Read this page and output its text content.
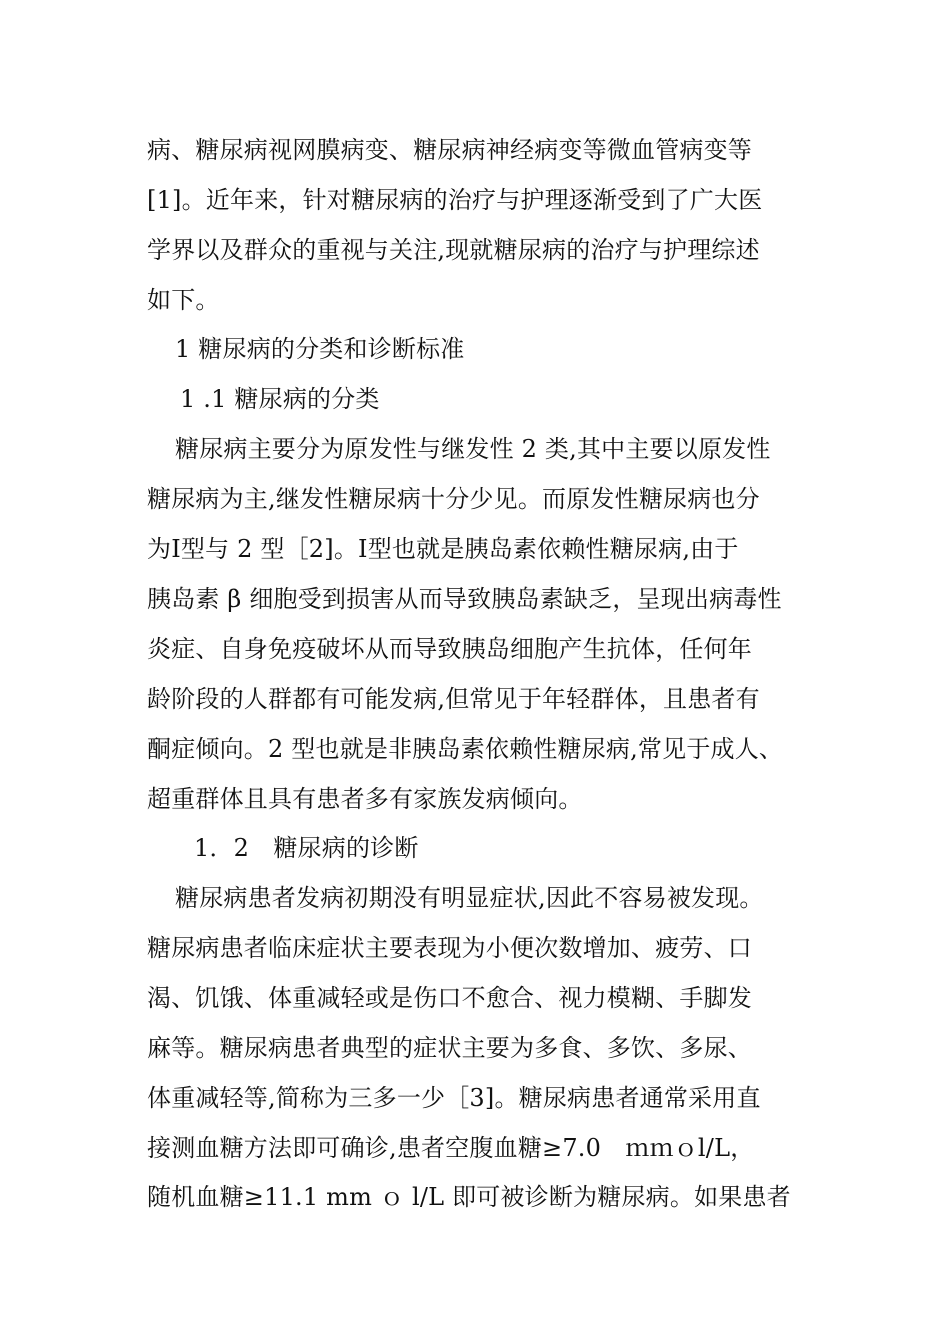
病、糖尿病视网膜病变、糖尿病神经病变等微血管病变等
[1]。近年来，针对糖尿病的治疗与护理逐渐受到了广大医
学界以及群众的重视与关注,现就糖尿病的治疗与护理综述
如下。
1 糖尿病的分类和诊断标准
1 .1 糖尿病的分类
糖尿病主要分为原发性与继发性 2 类,其中主要以原发性
糖尿病为主,继发性糖尿病十分少见。而原发性糖尿病也分
为Ⅰ型与 2 型［2]。Ⅰ型也就是胰岛素依赖性糖尿病,由于
胰岛素 β 细胞受到损害从而导致胰岛素缺乏，呈现出病毒性
炎症、自身免疫破坏从而导致胰岛细胞产生抗体，任何年
龄阶段的人群都有可能发病,但常见于年轻群体，且患者有
酮症倾向。2 型也就是非胰岛素依赖性糖尿病,常见于成人、
超重群体且具有患者多有家族发病倾向。
1．2　糖尿病的诊断
糖尿病患者发病初期没有明显症状,因此不容易被发现。
糖尿病患者临床症状主要表现为小便次数增加、疲劳、口
渴、饥饿、体重减轻或是伤口不愈合、视力模糊、手脚发
麻等。糖尿病患者典型的症状主要为多食、多饮、多尿、
体重减轻等,简称为三多一少［3]。糖尿病患者通常采用直
接测血糖方法即可确诊,患者空腹血糖≥7.0　ｍｍｏl/L，
随机血糖≥11.1 mm ｏ l/L 即可被诊断为糖尿病。如果患者
